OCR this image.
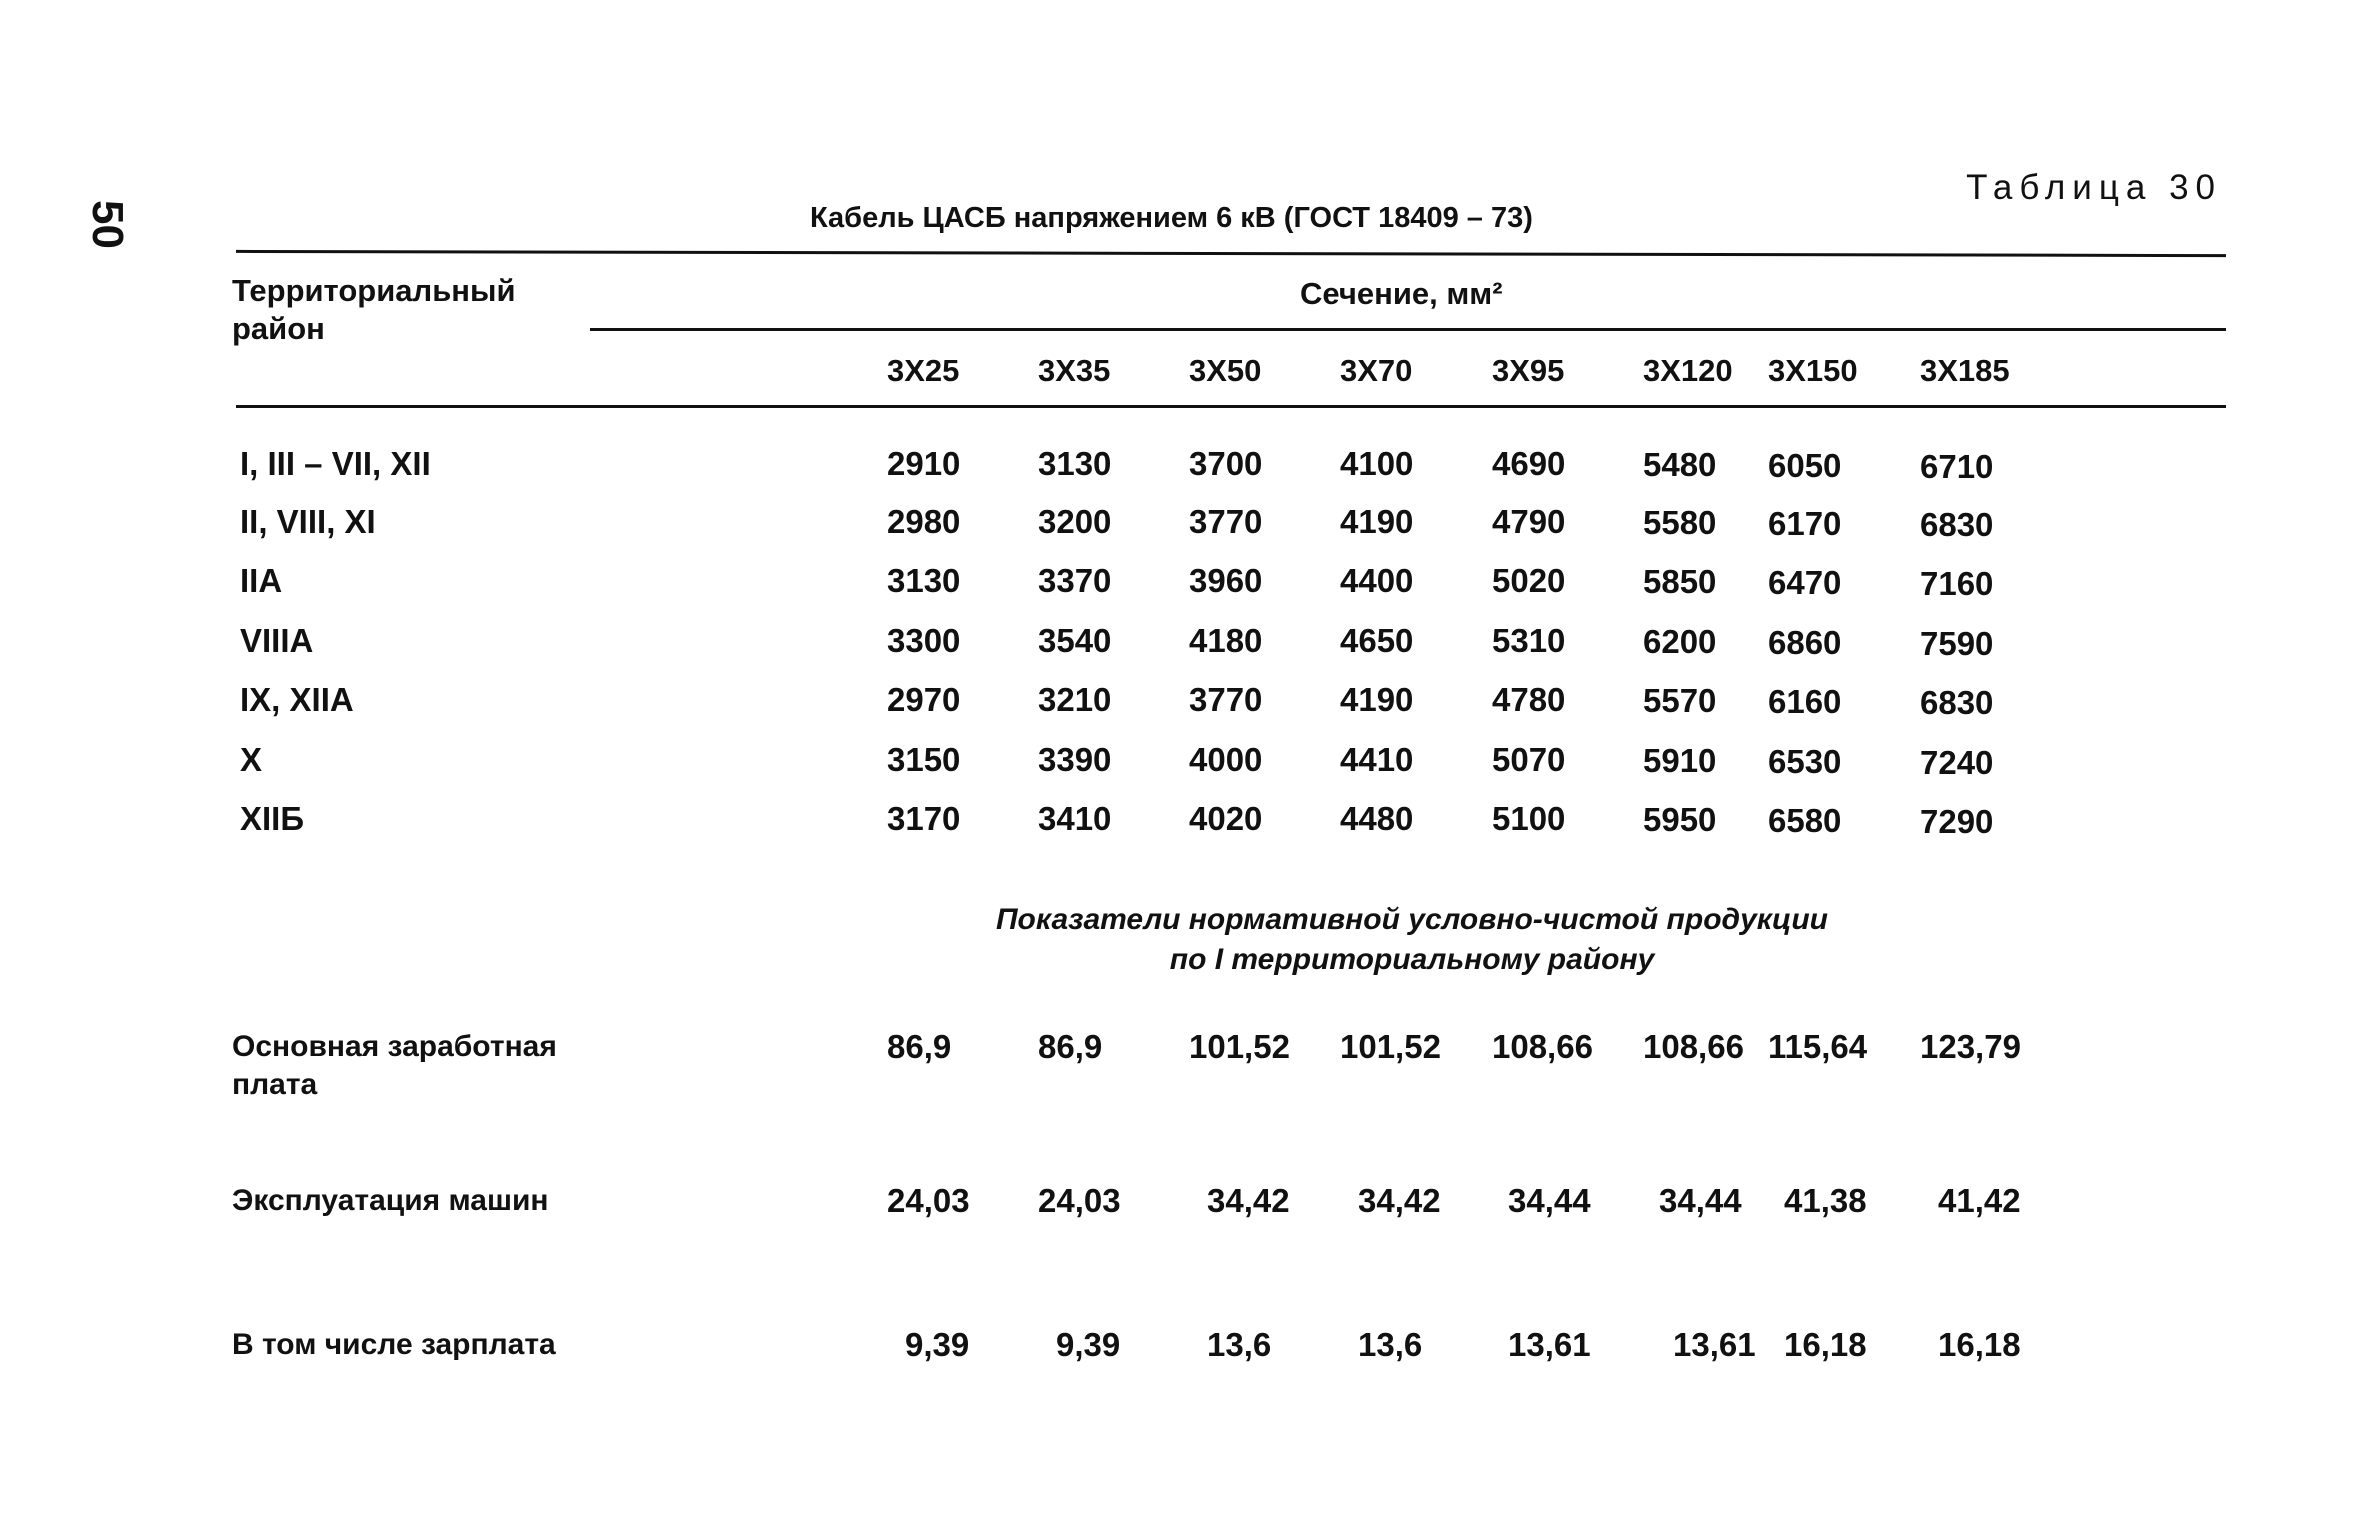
50
Таблица 30
Кабель ЦАСБ напряжением 6 кВ (ГОСТ 18409 – 73)
Территориальный
район
Сечение, мм²
3Х25	3Х35	3Х50	3Х70	3Х95	3Х120 3Х150 3Х185
I, III – VII, XII	2910 3130 3700 4100 4690 5480 6050 6710
II, VIII, XI	2980 3200 3770 4190 4790 5580 6170 6830
IIA	3130 3370 3960 4400 5020 5850 6470 7160
VIIIA	3300 3540 4180 4650 5310 6200 6860 7590
IX, XIIA	2970 3210 3770 4190 4780 5570 6160 6830
X	3150 3390 4000 4410 5070 5910 6530 7240
XIIБ	3170 3410 4020 4480 5100 5950 6580 7290
Показатели нормативной условно-чистой продукции
по I территориальному району
Основная заработная
плата
86,9	86,9	101,52 101,52 108,66 108,66 115,64 123,79
Эксплуатация машин	24,03 24,03	34,42 34,42 34,44 34,44 41,38 41,42
В том числе зарплата	9,39	9,39	13,6	13,6	13,61 13,61 16,18 16,18
